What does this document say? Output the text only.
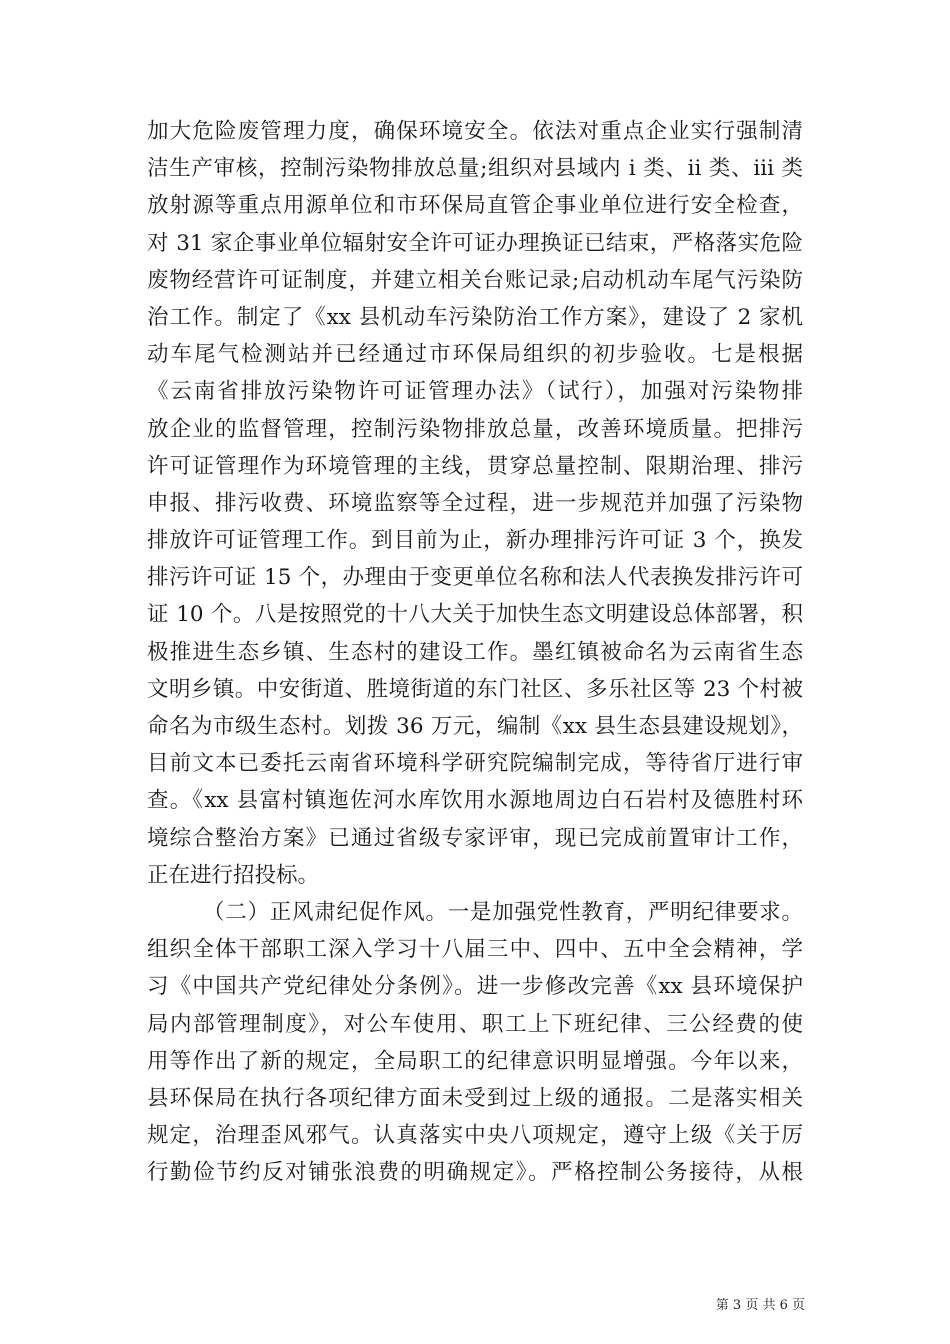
加大危险废管理力度，确保环境安全。依法对重点企业实行强制清
洁生产审核，控制污染物排放总量;组织对县域内 i 类、ii 类、iii 类
放射源等重点用源单位和市环保局直管企事业单位进行安全检查，
对 31 家企事业单位辐射安全许可证办理换证已结束，严格落实危险
废物经营许可证制度，并建立相关台账记录;启动机动车尾气污染防
治工作。制定了《xx 县机动车污染防治工作方案》，建设了 2 家机
动车尾气检测站并已经通过市环保局组织的初步验收。七是根据
《云南省排放污染物许可证管理办法》（试行），加强对污染物排
放企业的监督管理，控制污染物排放总量，改善环境质量。把排污
许可证管理作为环境管理的主线，贯穿总量控制、限期治理、排污
申报、排污收费、环境监察等全过程，进一步规范并加强了污染物
排放许可证管理工作。到目前为止，新办理排污许可证 3 个，换发
排污许可证 15 个，办理由于变更单位名称和法人代表换发排污许可
证 10 个。八是按照党的十八大关于加快生态文明建设总体部署，积
极推进生态乡镇、生态村的建设工作。墨红镇被命名为云南省生态
文明乡镇。中安街道、胜境街道的东门社区、多乐社区等 23 个村被
命名为市级生态村。划拨 36 万元，编制《xx 县生态县建设规划》，
目前文本已委托云南省环境科学研究院编制完成，等待省厅进行审
查。《xx 县富村镇迤佐河水库饮用水源地周边白石岩村及德胜村环
境综合整治方案》已通过省级专家评审，现已完成前置审计工作，
正在进行招投标。
（二）正风肃纪促作风。一是加强党性教育，严明纪律要求。
组织全体干部职工深入学习十八届三中、四中、五中全会精神，学
习《中国共产党纪律处分条例》。进一步修改完善《xx 县环境保护
局内部管理制度》，对公车使用、职工上下班纪律、三公经费的使
用等作出了新的规定，全局职工的纪律意识明显增强。今年以来，
县环保局在执行各项纪律方面未受到过上级的通报。二是落实相关
规定，治理歪风邪气。认真落实中央八项规定，遵守上级《关于厉
行勤俭节约反对铺张浪费的明确规定》。严格控制公务接待，从根
第 3 页 共 6 页
